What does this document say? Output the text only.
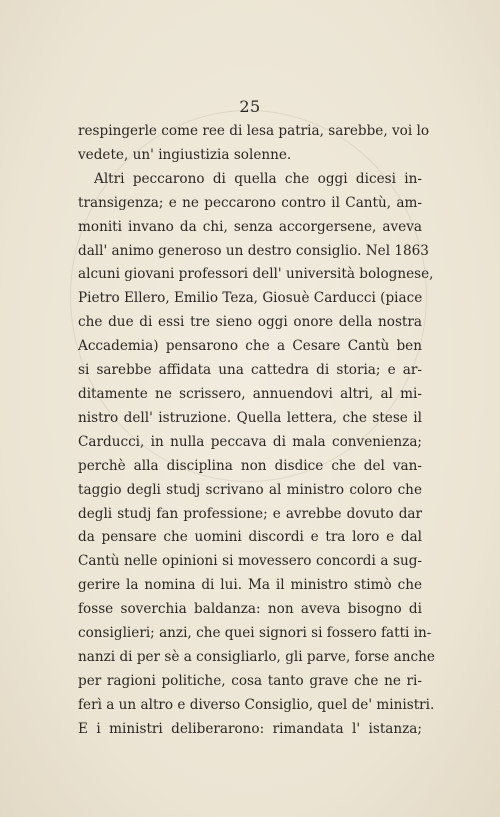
25
respingerle come ree di lesa patria, sarebbe, voi lo
vedete, un' ingiustizia solenne.
Altri peccarono di quella che oggi dicesi in-
transigenza; e ne peccarono contro il Cantù, am-
moniti invano da chi, senza accorgersene, aveva
dall' animo generoso un destro consiglio. Nel 1863
alcuni giovani professori dell' università bolognese,
Pietro Ellero, Emilio Teza, Giosuè Carducci (piace
che due di essi tre sieno oggi onore della nostra
Accademia) pensarono che a Cesare Cantù ben
si sarebbe affidata una cattedra di storia; e ar-
ditamente ne scrissero, annuendovi altri, al mi-
nistro dell' istruzione. Quella lettera, che stese il
Carducci, in nulla peccava di mala convenienza;
perchè alla disciplina non disdice che del van-
taggio degli studj scrivano al ministro coloro che
degli studj fan professione; e avrebbe dovuto dar
da pensare che uomini discordi e tra loro e dal
Cantù nelle opinioni si movessero concordi a sug-
gerire la nomina di lui. Ma il ministro stimò che
fosse soverchia baldanza: non aveva bisogno di
consiglieri; anzi, che quei signori si fossero fatti in-
nanzi di per sè a consigliarlo, gli parve, forse anche
per ragioni politiche, cosa tanto grave che ne ri-
ferì a un altro e diverso Consiglio, quel de' ministri.
E i ministri deliberarono: rimandata l' istanza;
